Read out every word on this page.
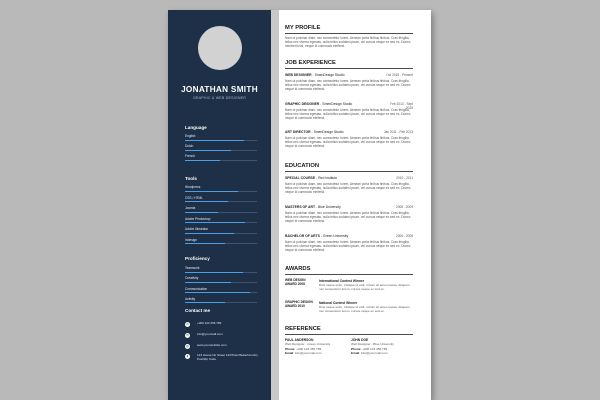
JONATHAN SMITH
GRAPHIC & WEB DESIGNER
Language
English
Dutch
French
Tools
Wordpress
CSS / HTML
Joomla
Adobe Photoshop
Adobe Illustrator
Indesign
Proficiency
Teamwork
Creativity
Communication
Activity
Contact me
✆	+000 123 456 789
✉	info@yourmail.com
◍	www.yourwebsite.com
●	123 House No Street 123/Town/State/Country Post/Zip Code
MY PROFILE
Nam ut pulvinar diam, nec consectetur lorem. Aenean porta finibus finibus. Cras fringilla, tellus nec viverra egestas, nulla tellus sodales ipsum, vel cursus neque ex sed ex. Donec hendrerit nisi, neque id commodo eleifend.
JOB EXPERIENCE
WEB DESIGNER - SmenDesign Studio	Oct 2015 - Present
Nam ut pulvinar diam, nec consectetur lorem. Aenean porta finibus finibus. Cras fringilla, tellus nec viverra egestas, nulla tellus sodales ipsum, vel cursus neque ex sed ex. Donec neque id commodo eleifend.
GRAPHIC DESIGNER - SmenDesign Studio	Feb 2013 - Sept 2015
Nam ut pulvinar diam, nec consectetur lorem. Aenean porta finibus finibus. Cras fringilla, tellus nec viverra egestas, nulla tellus sodales ipsum, vel cursus neque ex sed ex. Donec neque id commodo eleifend.
ART DIRECTOR - SmenDesign Studio	Jan 2011 - Feb 2013
Nam ut pulvinar diam, nec consectetur lorem. Aenean porta finibus finibus. Cras fringilla, tellus nec viverra egestas, nulla tellus sodales ipsum, vel cursus neque ex sed ex. Donec neque id commodo eleifend.
EDUCATION
SPECIAL COURSE - Red Institute	2010 - 2011
Nam ut pulvinar diam, nec consectetur lorem. Aenean porta finibus finibus. Cras fringilla, tellus nec viverra egestas, nulla tellus sodales ipsum, vel cursus neque ex sed ex. Donec neque id commodo eleifend.
MASTERS OF ART - Blue University	2008 - 2009
Nam ut pulvinar diam, nec consectetur lorem. Aenean porta finibus finibus. Cras fringilla, tellus nec viverra egestas, nulla tellus sodales ipsum, vel cursus neque ex sed ex. Donec neque id commodo eleifend.
BACHELOR OF ARTS - Green University	2006 - 2008
Nam ut pulvinar diam, nec consectetur lorem. Aenean porta finibus finibus. Cras fringilla, tellus nec viverra egestas, nulla tellus sodales ipsum, vel cursus neque ex sed ex. Donec neque id commodo eleifend.
AWARDS
WEB DESIGN AWARD 2008
International Contest Winner
Duis neque enim, tristique id velit, rutrum sit amet massa. Aliquam nec consectetur lorem, cursus neque ex sed ex.
GRAPHIC DESIGN AWARD 2010
National Contest Winner
Duis neque enim, tristique id velit, rutrum sit amet massa. Aliquam nec consectetur lorem, cursus neque ex sed ex.
REFERENCE
PAUL ANDERSON
Web Designer - Green University
Phone: +000 123 456 789
Email: info@yourmail.com
JOHN DOE
Web Designer - Blue University
Phone: +000 123 456 789
Email: info@yourmail.com
